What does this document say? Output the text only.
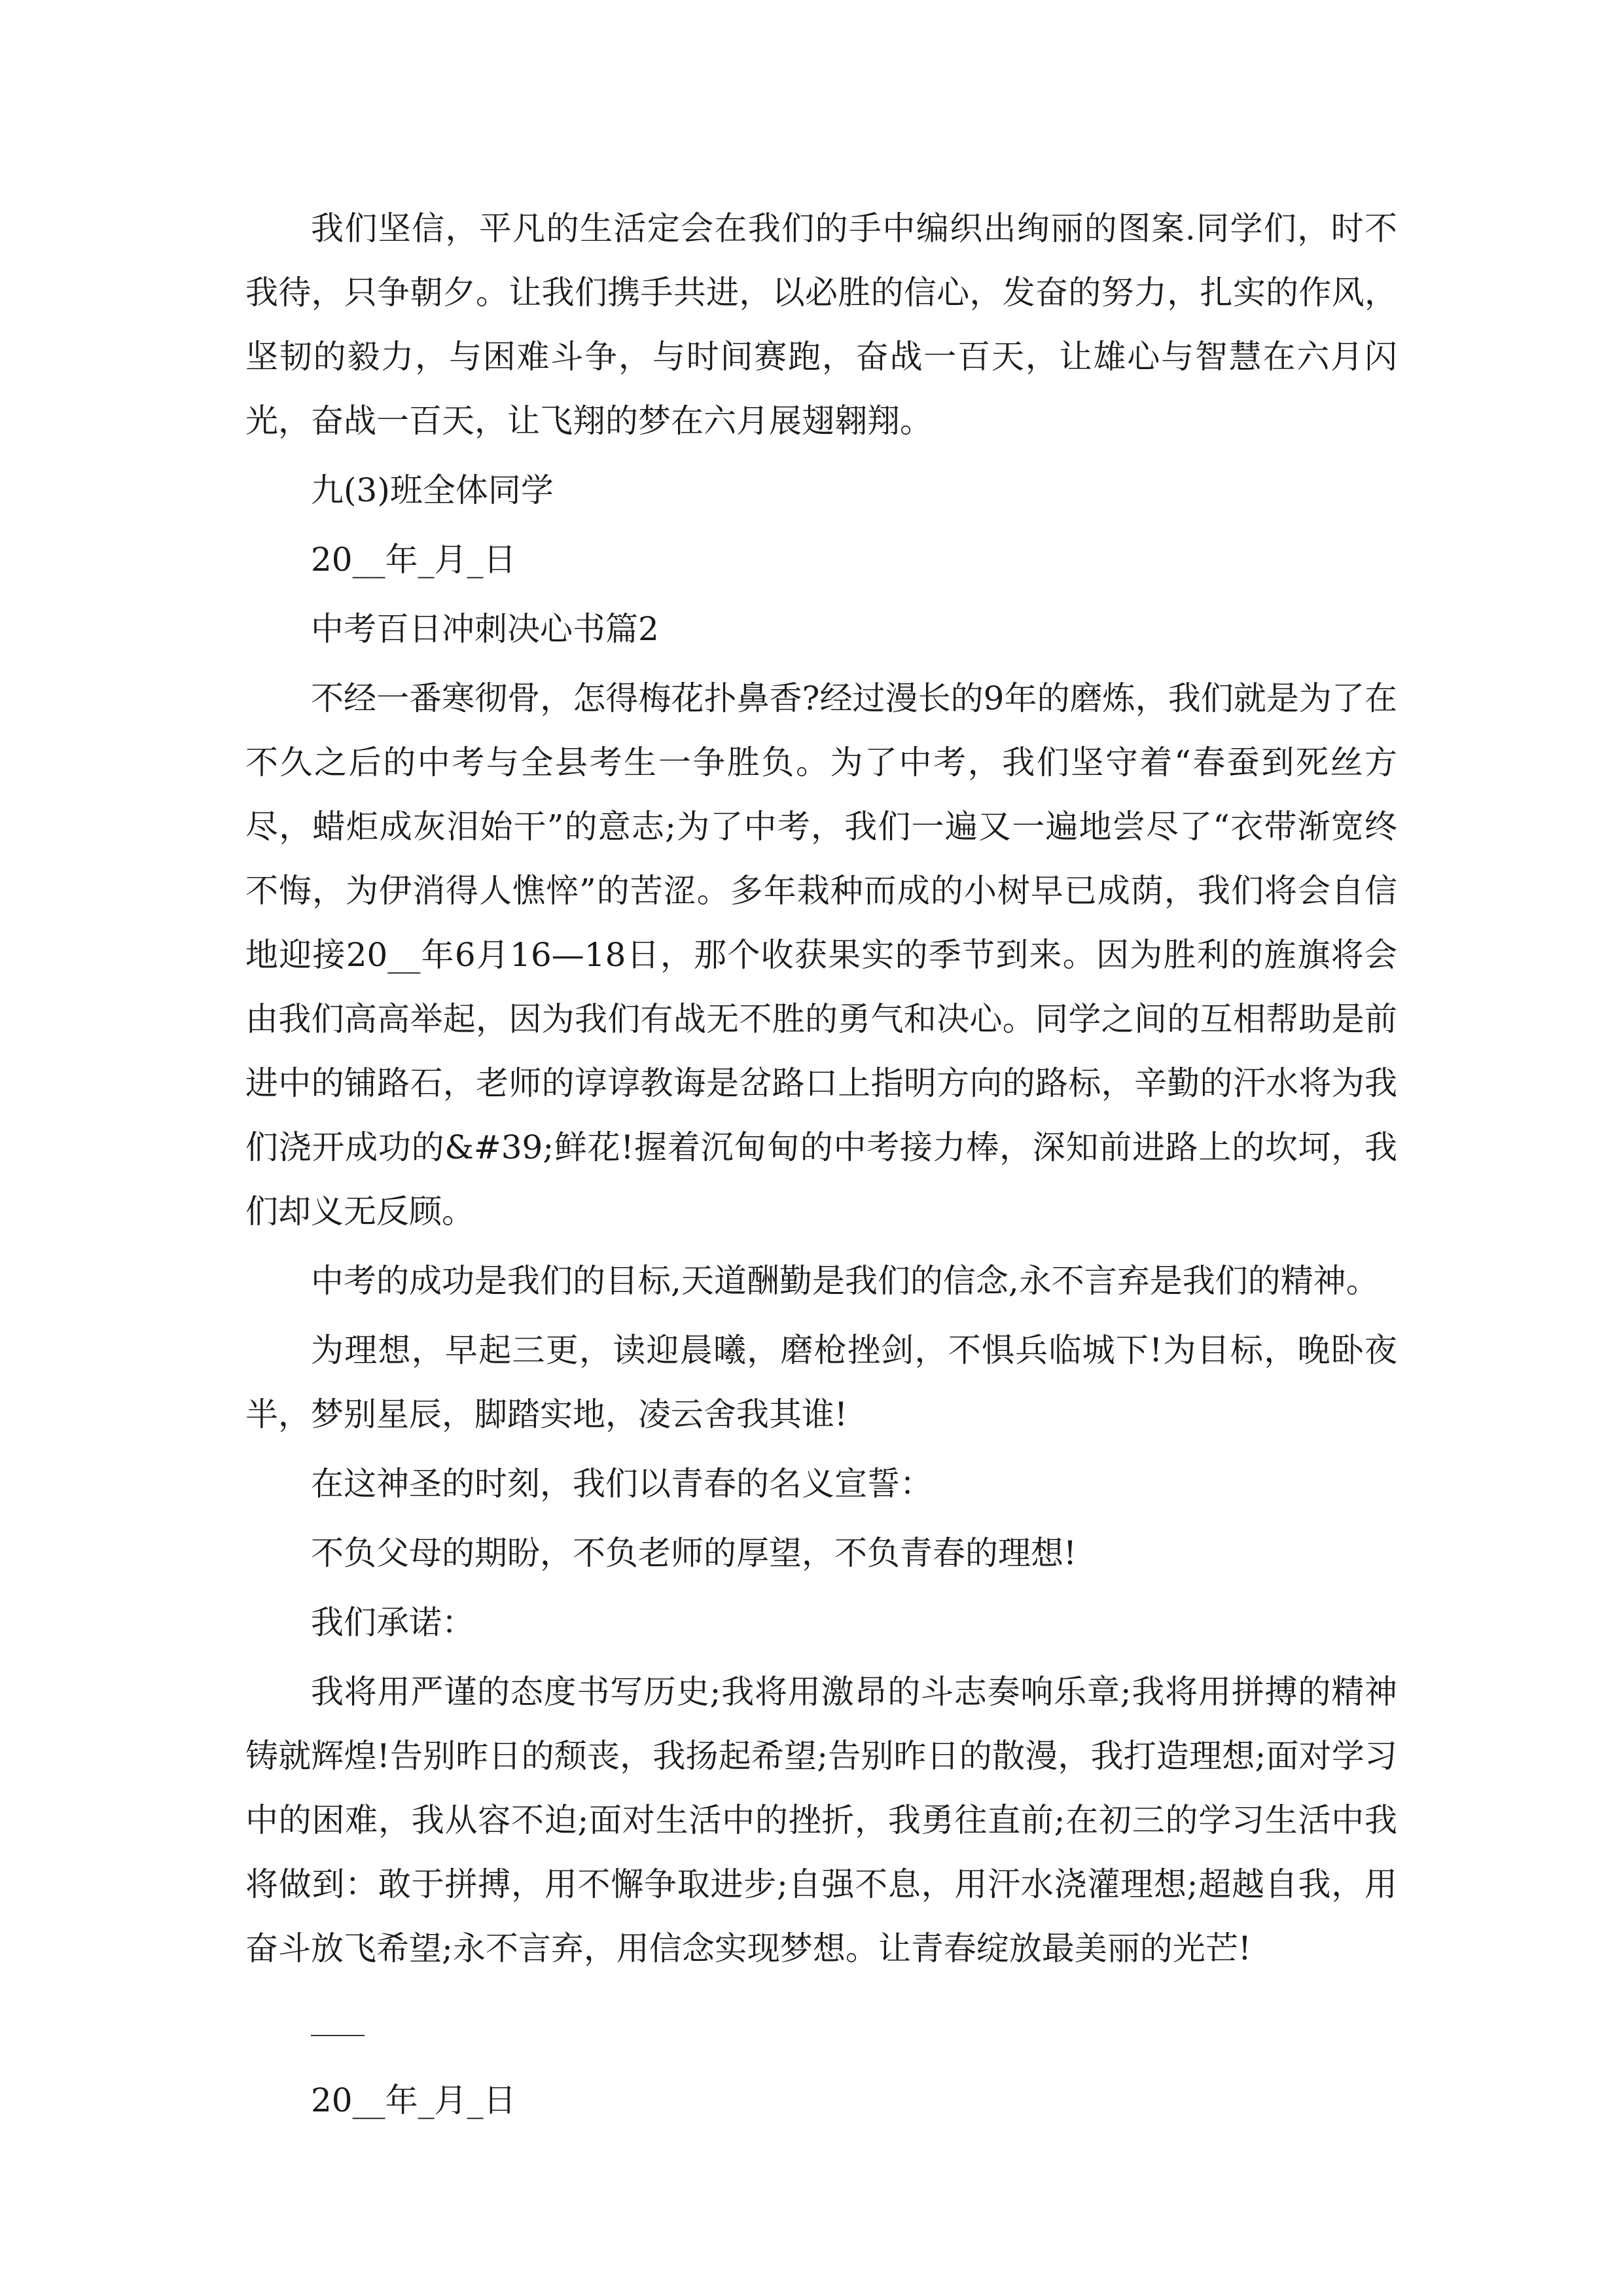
我们坚信，平凡的生活定会在我们的手中编织出绚丽的图案.同学们，时不我待，只争朝夕。让我们携手共进，以必胜的信心，发奋的努力，扎实的作风，坚韧的毅力，与困难斗争，与时间赛跑，奋战一百天，让雄心与智慧在六月闪光，奋战一百天，让飞翔的梦在六月展翅翱翔。

九(3)班全体同学

20__年_月_日

中考百日冲刺决心书篇2

不经一番寒彻骨，怎得梅花扑鼻香?经过漫长的9年的磨炼，我们就是为了在不久之后的中考与全县考生一争胜负。为了中考，我们坚守着“春蚕到死丝方尽，蜡炬成灰泪始干”的意志;为了中考，我们一遍又一遍地尝尽了“衣带渐宽终不悔，为伊消得人憔悴”的苦涩。多年栽种而成的小树早已成荫，我们将会自信地迎接20__年6月16—18日，那个收获果实的季节到来。因为胜利的旌旗将会由我们高高举起，因为我们有战无不胜的勇气和决心。同学之间的互相帮助是前进中的铺路石，老师的谆谆教诲是岔路口上指明方向的路标，辛勤的汗水将为我们浇开成功的&#39;鲜花!握着沉甸甸的中考接力棒，深知前进路上的坎坷，我们却义无反顾。

中考的成功是我们的目标,天道酬勤是我们的信念,永不言弃是我们的精神。

为理想，早起三更，读迎晨曦，磨枪挫剑，不惧兵临城下!为目标，晚卧夜半，梦别星辰，脚踏实地，凌云舍我其谁!

在这神圣的时刻，我们以青春的名义宣誓：

不负父母的期盼，不负老师的厚望，不负青春的理想!

我们承诺：

我将用严谨的态度书写历史;我将用激昂的斗志奏响乐章;我将用拼搏的精神铸就辉煌!告别昨日的颓丧，我扬起希望;告别昨日的散漫，我打造理想;面对学习中的困难，我从容不迫;面对生活中的挫折，我勇往直前;在初三的学习生活中我将做到：敢于拼搏，用不懈争取进步;自强不息，用汗水浇灌理想;超越自我，用奋斗放飞希望;永不言弃，用信念实现梦想。让青春绽放最美丽的光芒!

20__年_月_日
